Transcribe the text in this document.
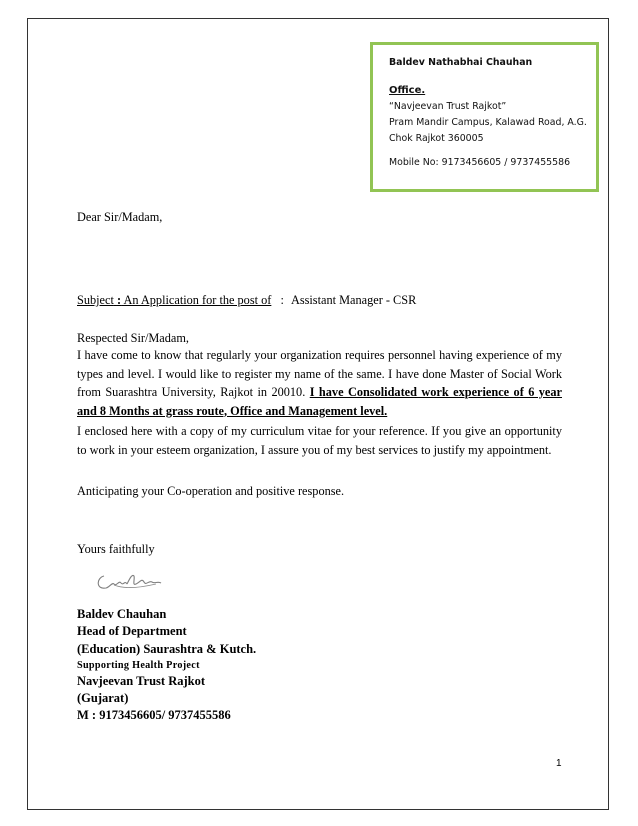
Baldev Nathabhai Chauhan
Office.
“Navjeevan Trust Rajkot”
Pram Mandir Campus, Kalawad Road, A.G.
Chok Rajkot 360005
Mobile No: 9173456605 / 9737455586
Dear Sir/Madam,
Subject : An Application for the post of : Assistant Manager - CSR
Respected Sir/Madam,
I have come to know that regularly your organization requires personnel having experience of my types and level. I would like to register my name of the same. I have done Master of Social Work from Suarashtra University, Rajkot in 20010. I have Consolidated work experience of 6 year and 8 Months at grass route, Office and Management level.
I enclosed here with a copy of my curriculum vitae for your reference. If you give an opportunity to work in your esteem organization, I assure you of my best services to justify my appointment.
Anticipating your Co-operation and positive response.
Yours faithfully
Baldev Chauhan
Head of Department
(Education) Saurashtra & Kutch.
Supporting Health Project
Navjeevan Trust Rajkot
(Gujarat)
M : 9173456605/ 9737455586
1
